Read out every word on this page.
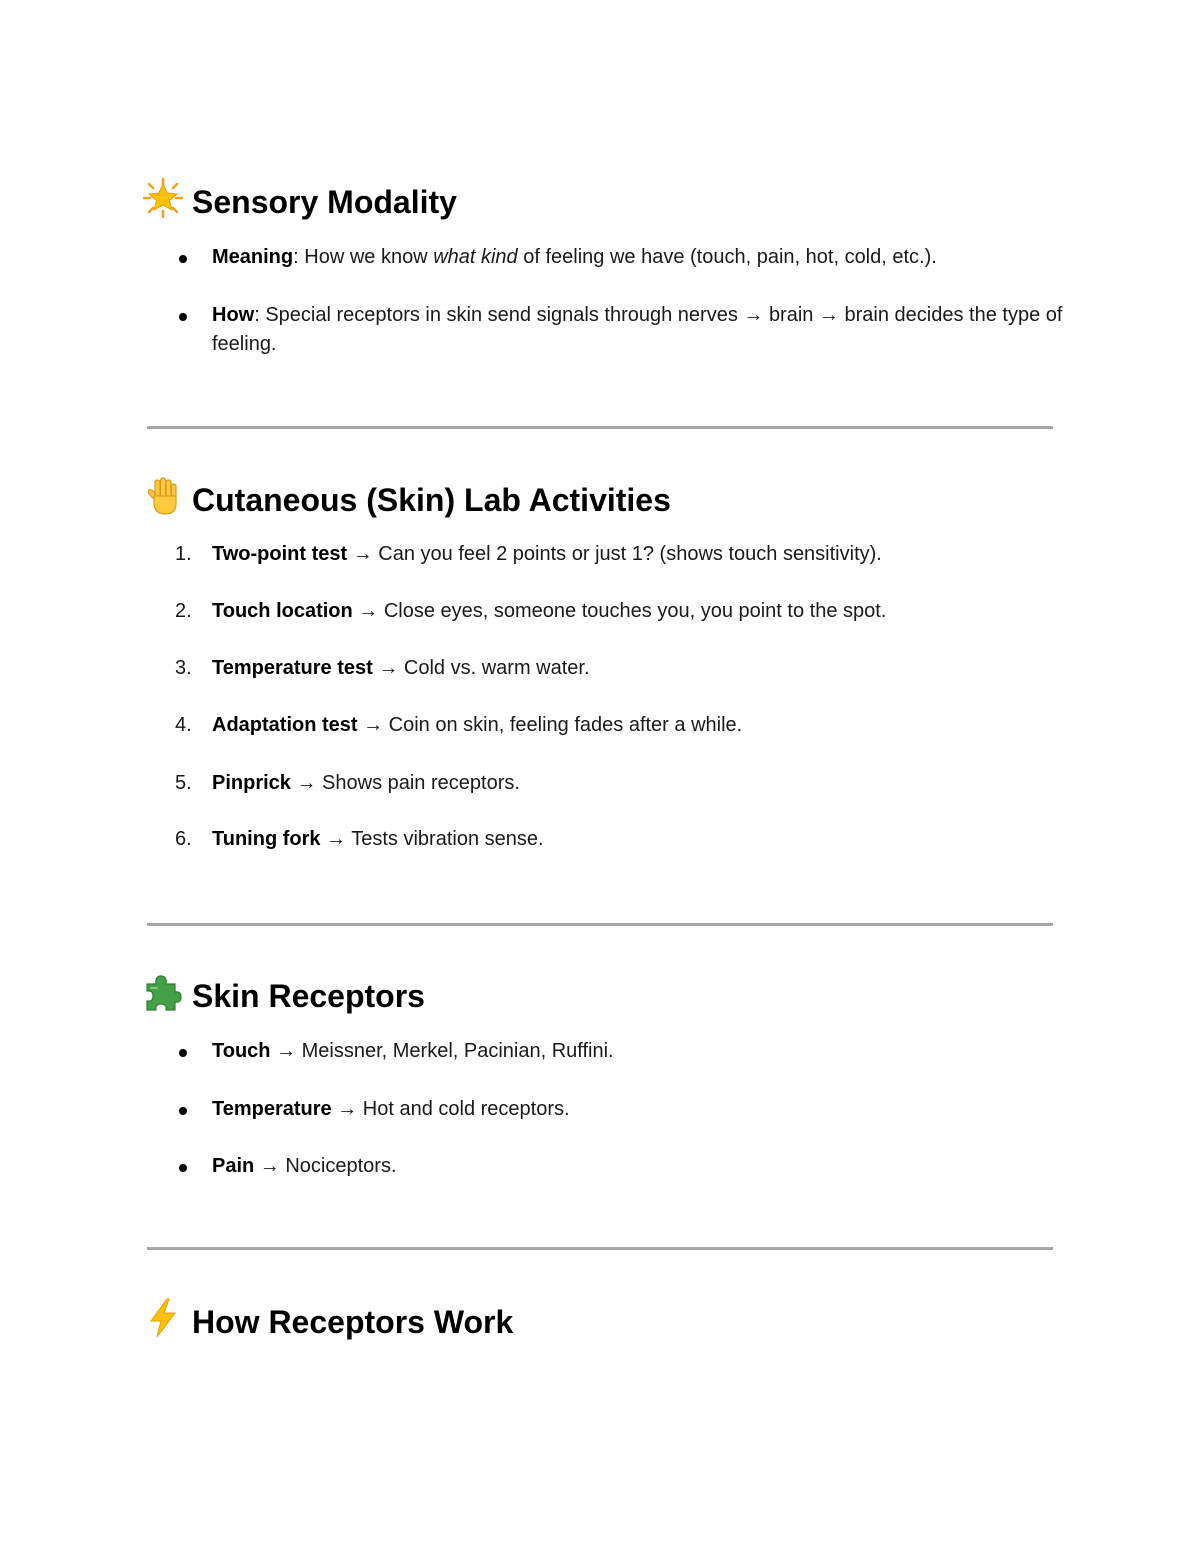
Sensory Modality
Meaning: How we know what kind of feeling we have (touch, pain, hot, cold, etc.).
How: Special receptors in skin send signals through nerves → brain → brain decides the type of feeling.
Cutaneous (Skin) Lab Activities
1. Two-point test → Can you feel 2 points or just 1? (shows touch sensitivity).
2. Touch location → Close eyes, someone touches you, you point to the spot.
3. Temperature test → Cold vs. warm water.
4. Adaptation test → Coin on skin, feeling fades after a while.
5. Pinprick → Shows pain receptors.
6. Tuning fork → Tests vibration sense.
Skin Receptors
Touch → Meissner, Merkel, Pacinian, Ruffini.
Temperature → Hot and cold receptors.
Pain → Nociceptors.
How Receptors Work
